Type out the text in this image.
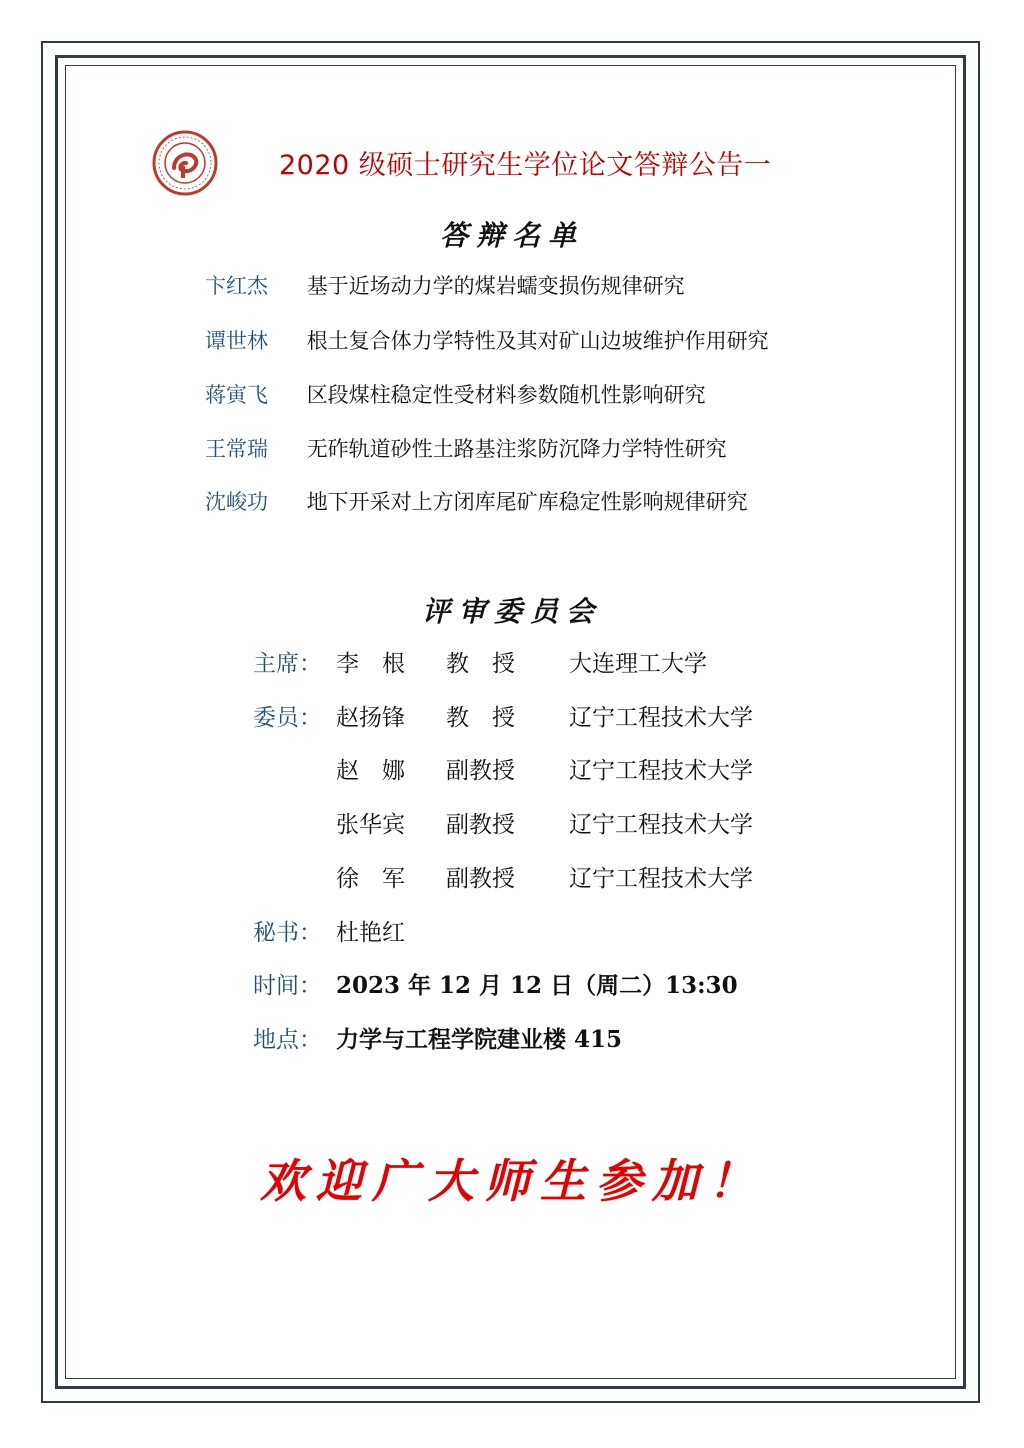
2020 级硕士研究生学位论文答辩公告一
答辩名单
卞红杰 基于近场动力学的煤岩蠕变损伤规律研究
谭世林 根土复合体力学特性及其对矿山边坡维护作用研究
蒋寅飞 区段煤柱稳定性受材料参数随机性影响研究
王常瑞 无砟轨道砂性土路基注浆防沉降力学特性研究
沈峻功 地下开采对上方闭库尾矿库稳定性影响规律研究
评审委员会
主席： 李　根 教　授 大连理工大学
委员： 赵扬锋 教　授 辽宁工程技术大学
赵　娜 副教授 辽宁工程技术大学
张华宾 副教授 辽宁工程技术大学
徐　军 副教授 辽宁工程技术大学
秘书： 杜艳红
时间： 2023 年 12 月 12 日（周二）13:30
地点： 力学与工程学院建业楼 415
欢迎广大师生参加！
